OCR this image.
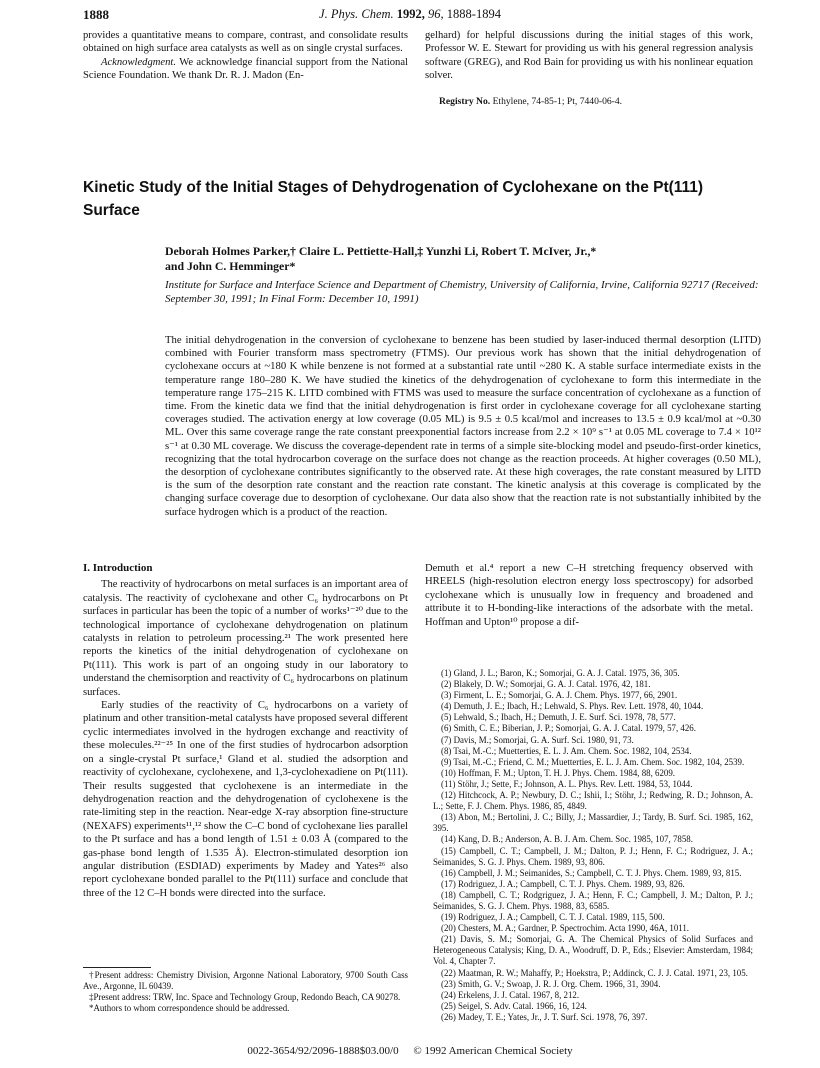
1888	J. Phys. Chem. 1992, 96, 1888-1894

provides a quantitative means to compare, contrast, and consolidate results obtained on high surface area catalysts as well as on single crystal surfaces.

Acknowledgment. We acknowledge financial support from the National Science Foundation. We thank Dr. R. J. Madon (En-

gelhard) for helpful discussions during the initial stages of this work, Professor W. E. Stewart for providing us with his general regression analysis software (GREG), and Rod Bain for providing us with his nonlinear equation solver.

Registry No. Ethylene, 74-85-1; Pt, 7440-06-4.

Kinetic Study of the Initial Stages of Dehydrogenation of Cyclohexane on the Pt(111) Surface
Deborah Holmes Parker,† Claire L. Pettiette-Hall,‡ Yunzhi Li, Robert T. McIver, Jr.,*
and John C. Hemminger*
Institute for Surface and Interface Science and Department of Chemistry, University of California, Irvine, California 92717 (Received: September 30, 1991; In Final Form: December 10, 1991)
The initial dehydrogenation in the conversion of cyclohexane to benzene has been studied by laser-induced thermal desorption (LITD) combined with Fourier transform mass spectrometry (FTMS). Our previous work has shown that the initial dehydrogenation of cyclohexane occurs at ~180 K while benzene is not formed at a substantial rate until ~280 K. A stable surface intermediate exists in the temperature range 180–280 K. We have studied the kinetics of the dehydrogenation of cyclohexane to form this intermediate in the temperature range 175–215 K. LITD combined with FTMS was used to measure the surface concentration of cyclohexane as a function of time. From the kinetic data we find that the initial dehydrogenation is first order in cyclohexane coverage for all cyclohexane starting coverages studied. The activation energy at low coverage (0.05 ML) is 9.5 ± 0.5 kcal/mol and increases to 13.5 ± 0.9 kcal/mol at ~0.30 ML. Over this same coverage range the rate constant preexponential factors increase from 2.2 × 10⁹ s⁻¹ at 0.05 ML coverage to 7.4 × 10¹² s⁻¹ at 0.30 ML coverage. We discuss the coverage-dependent rate in terms of a simple site-blocking model and pseudo-first-order kinetics, recognizing that the total hydrocarbon coverage on the surface does not change as the reaction proceeds. At higher coverages (0.50 ML), the desorption of cyclohexane contributes significantly to the observed rate. At these high coverages, the rate constant measured by LITD is the sum of the desorption rate constant and the reaction rate constant. The kinetic analysis at this coverage is complicated by the changing surface coverage due to desorption of cyclohexane. Our data also show that the reaction rate is not substantially inhibited by the surface hydrogen which is a product of the reaction.

I. Introduction

The reactivity of hydrocarbons on metal surfaces is an important area of catalysis. The reactivity of cyclohexane and other C₆ hydrocarbons on Pt surfaces in particular has been the topic of a number of works¹⁻²⁰ due to the technological importance of cyclohexane dehydrogenation on platinum catalysts in relation to petroleum processing.²¹ The work presented here reports the kinetics of the initial dehydrogenation of cyclohexane on Pt(111). This work is part of an ongoing study in our laboratory to understand the chemisorption and reactivity of C₆ hydrocarbons on platinum surfaces.

Early studies of the reactivity of C₆ hydrocarbons on a variety of platinum and other transition-metal catalysts have proposed several different cyclic intermediates involved in the hydrogen exchange and reactivity of these molecules.²²⁻²⁵ In one of the first studies of hydrocarbon adsorption on a single-crystal Pt surface,¹ Gland et al. studied the adsorption and reactivity of cyclohexane, cyclohexene, and 1,3-cyclohexadiene on Pt(111). Their results suggested that cyclohexene is an intermediate in the dehydrogenation reaction and the dehydrogenation of cyclohexene is the rate-limiting step in the reaction. Near-edge X-ray absorption fine-structure (NEXAFS) experiments¹¹,¹² show the C–C bond of cyclohexane lies parallel to the Pt surface and has a bond length of 1.51 ± 0.03 Å (compared to the gas-phase bond length of 1.535 Å). Electron-stimulated desorption ion angular distribution (ESDIAD) experiments by Madey and Yates²⁶ also report cyclohexane bonded parallel to the Pt(111) surface and conclude that three of the 12 C–H bonds were directed into the surface.

†Present address: Chemistry Division, Argonne National Laboratory, 9700 South Cass Ave., Argonne, IL 60439.

‡Present address: TRW, Inc. Space and Technology Group, Redondo Beach, CA 90278.

*Authors to whom correspondence should be addressed.

Demuth et al.⁴ report a new C–H stretching frequency observed with HREELS (high-resolution electron energy loss spectroscopy) for adsorbed cyclohexane which is unusually low in frequency and broadened and attribute it to H-bonding-like interactions of the adsorbate with the metal. Hoffman and Upton¹⁰ propose a dif-

(1) Gland, J. L.; Baron, K.; Somorjai, G. A. J. Catal. 1975, 36, 305.

(2) Blakely, D. W.; Somorjai, G. A. J. Catal. 1976, 42, 181.

(3) Firment, L. E.; Somorjai, G. A. J. Chem. Phys. 1977, 66, 2901.

(4) Demuth, J. E.; Ibach, H.; Lehwald, S. Phys. Rev. Lett. 1978, 40, 1044.

(5) Lehwald, S.; Ibach, H.; Demuth, J. E. Surf. Sci. 1978, 78, 577.

(6) Smith, C. E.; Biberian, J. P.; Somorjai, G. A. J. Catal. 1979, 57, 426.

(7) Davis, M.; Somorjai, G. A. Surf. Sci. 1980, 91, 73.

(8) Tsai, M.-C.; Muetterties, E. L. J. Am. Chem. Soc. 1982, 104, 2534.

(9) Tsai, M.-C.; Friend, C. M.; Muetterties, E. L. J. Am. Chem. Soc. 1982, 104, 2539.

(10) Hoffman, F. M.; Upton, T. H. J. Phys. Chem. 1984, 88, 6209.

(11) Stöhr, J.; Sette, F.; Johnson, A. L. Phys. Rev. Lett. 1984, 53, 1044.

(12) Hitchcock, A. P.; Newbury, D. C.; Ishii, I.; Stöhr, J.; Redwing, R. D.; Johnson, A. L.; Sette, F. J. Chem. Phys. 1986, 85, 4849.

(13) Abon, M.; Bertolini, J. C.; Billy, J.; Massardier, J.; Tardy, B. Surf. Sci. 1985, 162, 395.

(14) Kang, D. B.; Anderson, A. B. J. Am. Chem. Soc. 1985, 107, 7858.

(15) Campbell, C. T.; Campbell, J. M.; Dalton, P. J.; Henn, F. C.; Rodriguez, J. A.; Seimanides, S. G. J. Phys. Chem. 1989, 93, 806.

(16) Campbell, J. M.; Seimanides, S.; Campbell, C. T. J. Phys. Chem. 1989, 93, 815.

(17) Rodriguez, J. A.; Campbell, C. T. J. Phys. Chem. 1989, 93, 826.

(18) Campbell, C. T.; Rodgriguez, J. A.; Henn, F. C.; Campbell, J. M.; Dalton, P. J.; Seimanides, S. G. J. Chem. Phys. 1988, 83, 6585.

(19) Rodriguez, J. A.; Campbell, C. T. J. Catal. 1989, 115, 500.

(20) Chesters, M. A.; Gardner, P. Spectrochim. Acta 1990, 46A, 1011.

(21) Davis, S. M.; Somorjai, G. A. The Chemical Physics of Solid Surfaces and Heterogeneous Catalysis; King, D. A., Woodruff, D. P., Eds.; Elsevier: Amsterdam, 1984; Vol. 4, Chapter 7.

(22) Maatman, R. W.; Mahaffy, P.; Hoekstra, P.; Addinck, C. J. J. Catal. 1971, 23, 105.

(23) Smith, G. V.; Swoap, J. R. J. Org. Chem. 1966, 31, 3904.

(24) Erkelens, J. J. Catal. 1967, 8, 212.

(25) Seigel, S. Adv. Catal. 1966, 16, 124.

(26) Madey, T. E.; Yates, Jr., J. T. Surf. Sci. 1978, 76, 397.

0022-3654/92/2096-1888$03.00/0 © 1992 American Chemical Society
